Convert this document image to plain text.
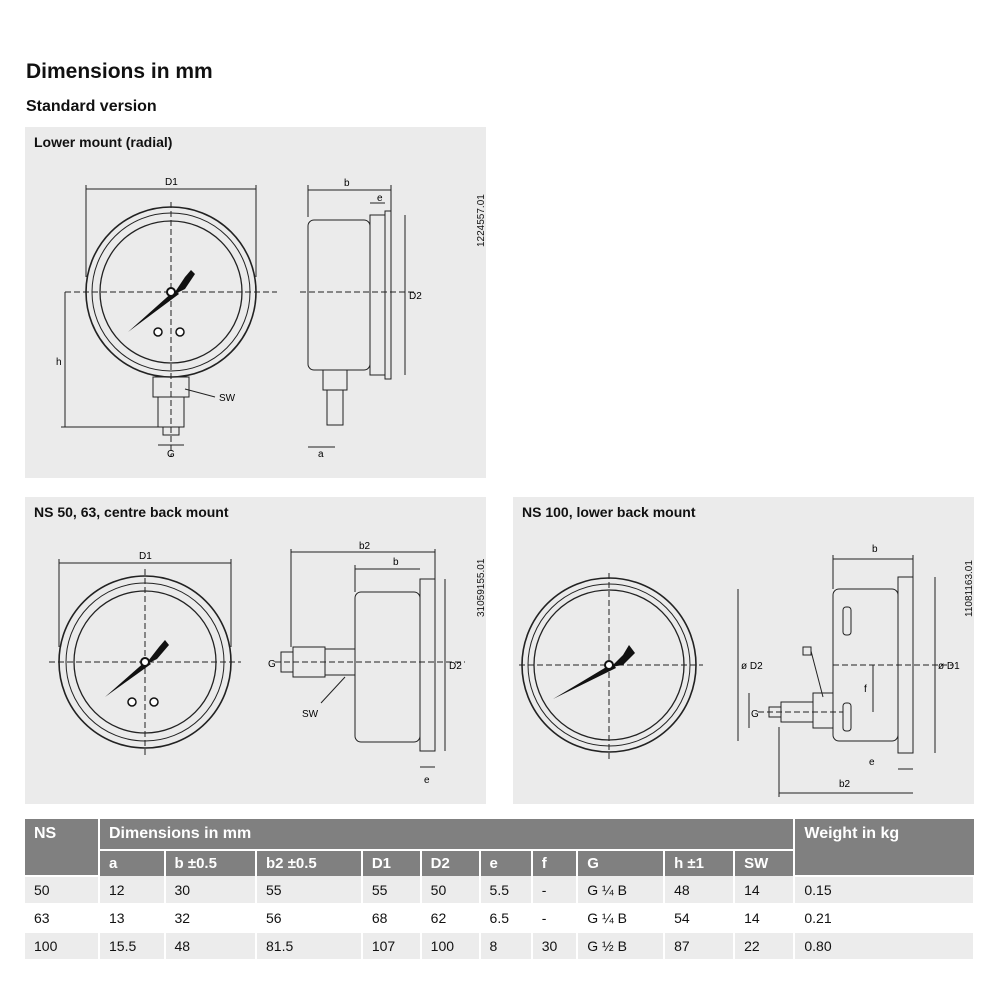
Dimensions in mm
Standard version
Lower mount (radial)
D1	b
e
D2
h
SW
G	a
1224557.01
NS 50, 63, centre back mount
D1
b2
b
G
SW
D2
e
31059155.01
NS 100, lower back mount
b
ø D2	ø D1
f
G
e
b2
11081163.01
NS	Dimensions in mm										Weight in kg
	a	b ±0.5	b2 ±0.5	D1	D2	e	f	G	h ±1	SW	
50	12	30	55	55	50	5.5	-	G ¼ B	48	14	0.15
63	13	32	56	68	62	6.5	-	G ¼ B	54	14	0.21
100	15.5	48	81.5	107	100	8	30	G ½ B	87	22	0.80
